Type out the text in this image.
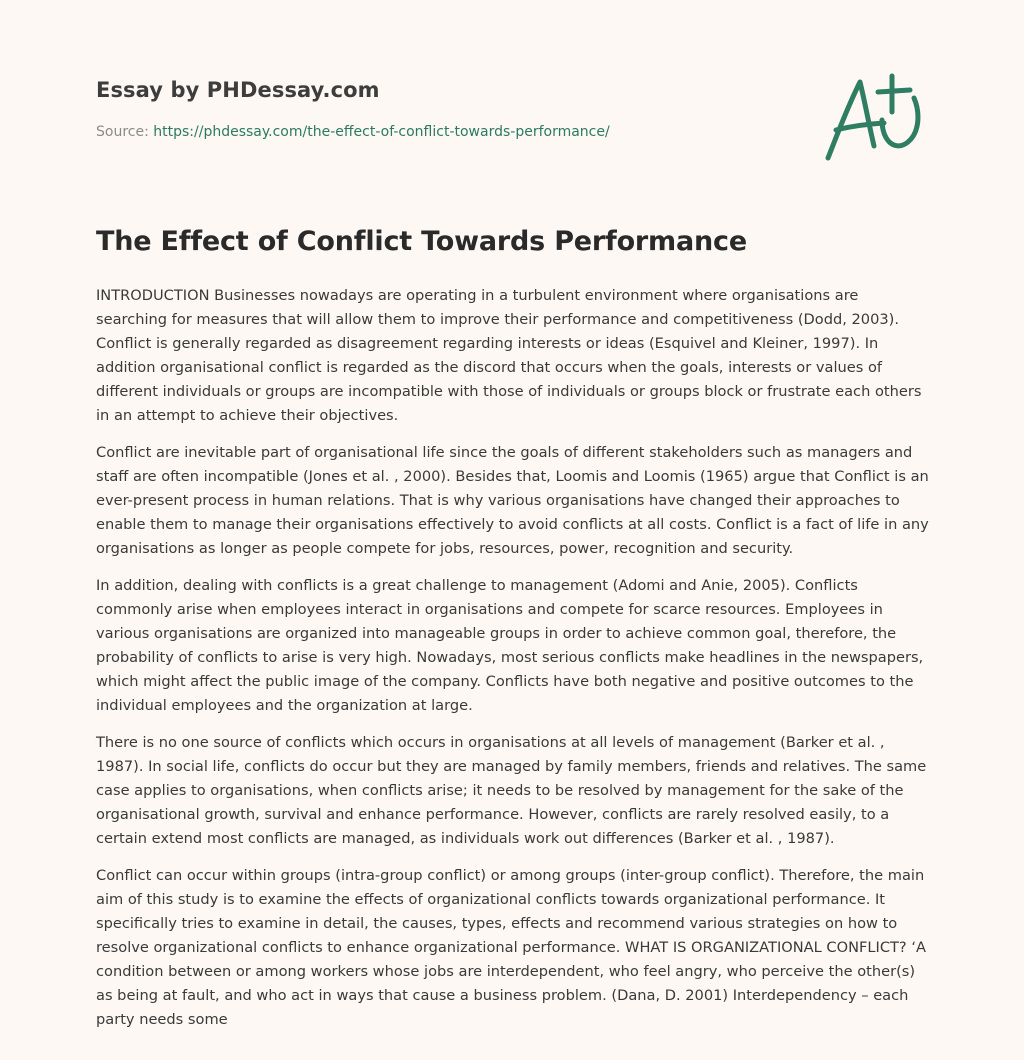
Essay by PHDessay.com

Source: https://phdessay.com/the-effect-of-conflict-towards-performance/

The Effect of Conflict Towards Performance

INTRODUCTION Businesses nowadays are operating in a turbulent environment where organisations are searching for measures that will allow them to improve their performance and competitiveness (Dodd, 2003). Conflict is generally regarded as disagreement regarding interests or ideas (Esquivel and Kleiner, 1997). In addition organisational conflict is regarded as the discord that occurs when the goals, interests or values of different individuals or groups are incompatible with those of individuals or groups block or frustrate each others in an attempt to achieve their objectives.

Conflict are inevitable part of organisational life since the goals of different stakeholders such as managers and staff are often incompatible (Jones et al. , 2000). Besides that, Loomis and Loomis (1965) argue that Conflict is an ever-present process in human relations. That is why various organisations have changed their approaches to enable them to manage their organisations effectively to avoid conflicts at all costs. Conflict is a fact of life in any organisations as longer as people compete for jobs, resources, power, recognition and security.

In addition, dealing with conflicts is a great challenge to management (Adomi and Anie, 2005). Conflicts commonly arise when employees interact in organisations and compete for scarce resources. Employees in various organisations are organized into manageable groups in order to achieve common goal, therefore, the probability of conflicts to arise is very high. Nowadays, most serious conflicts make headlines in the newspapers, which might affect the public image of the company. Conflicts have both negative and positive outcomes to the individual employees and the organization at large.

There is no one source of conflicts which occurs in organisations at all levels of management (Barker et al. , 1987). In social life, conflicts do occur but they are managed by family members, friends and relatives. The same case applies to organisations, when conflicts arise; it needs to be resolved by management for the sake of the organisational growth, survival and enhance performance. However, conflicts are rarely resolved easily, to a certain extend most conflicts are managed, as individuals work out differences (Barker et al. , 1987).

Conflict can occur within groups (intra-group conflict) or among groups (inter-group conflict). Therefore, the main aim of this study is to examine the effects of organizational conflicts towards organizational performance. It specifically tries to examine in detail, the causes, types, effects and recommend various strategies on how to resolve organizational conflicts to enhance organizational performance. WHAT IS ORGANIZATIONAL CONFLICT? ‘A condition between or among workers whose jobs are interdependent, who feel angry, who perceive the other(s) as being at fault, and who act in ways that cause a business problem. (Dana, D. 2001) Interdependency – each party needs some
